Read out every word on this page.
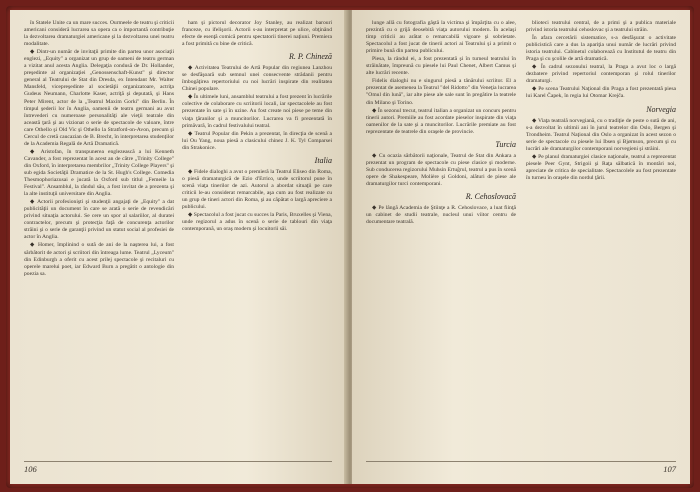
în Statele Unite ca un mare succes. Ourmeele de teatru şi criticii americani consideră lucrarea sa opera ca o importantă contribuţie la dezvoltarea dramaturgiei americane şi la dezvoltarea unei teatru modalitate.

◆ Dintr-un număr de invitaţii primite din partea unor asociaţii englezi, „Equity" a organizat un grup de oameni de teatru german a vizitat anul acesta Anglia. Delegaţia condusă de Dr. Hollander, preşedinte al organizaţiei „Genossenschaft-Kunst" şi director general al Teatrului de Stat din Dresda, ex Intendant Mr. Walter Mansfeld, vicepreşedinte al societăţii organizatoare, actriţa Gudeus Neumann, Charlotte Kaser, actriţă şi deputată, şi Hans Peter Mirent, actor de la „Teatrul Maxim Gorki" din Berlin. În timpul şederii lor în Anglia, oamenii de teatru germani au avut întrevederi cu numeroase personalităţi ale vieţii teatrale din această ţară şi au vizionat o serie de spectacole de valoare, între care Othello şi Old Vic şi Othello la Stratford-on-Avon, precum şi Cercul de cretă caucazian de B. Brecht, în interpretarea studenţilor de la Academia Regală de Artă Dramatică.

◆ Aristofan, în transpunerea englezească a lui Kenneth Cavander, a fost reprezentat în acest an de către „Trinity College" din Oxford, în interpretarea membrilor „Trinity College Players" şi sub egida Societăţii Dramatice de la St. Hugh's College. Comedia Thesmophoriazusai e jucată la Oxford sub titlul „Femeile la Festival". Ansamblul, la rândul său, a fost invitat de a prezenta şi la alte instituţii universitare din Anglia.

◆ Actorii profesionişti şi studenţii angajaţi de „Equity" a dat publicităţii un document în care se arată o serie de revendicări privind situaţia actorului. Se cere un spor al salariilor, al duratei contractelor, precum şi protecţia faţă de concurenţa actorilor străini şi o serie de garanţii privind un statut social al profesiei de actor în Anglia.

◆ Homer, împlinind o sută de ani de la naşterea lui, a fost sărbătorit de actori şi scriitori din întreaga lume. Teatrul „Lyceum" din Edinburgh a oferit cu acest prilej spectacole şi recitaluri cu operele marelui poet, iar Edward Burn a pregătit o antologie din poezia sa.

ham şi pictorul decorator Joy Stanley, au realizat barouri franceze, cu ifelişorii. Actorii s-au interpretat pe ulice, obţinând efecte de esenţă comică pentru spectatorii tinerei naţiuni. Premiera a fost primită cu bine de critică.

R. P. Chineză

◆ Activitatea Teatrului de Artă Popular din regiunea Lanzhou se desfăşoară sub semnul unei consecvente strădanii pentru îmbogăţirea repertoriului cu noi lucrări inspirate din realitatea Chinei populare.

◆ În ultimele luni, ansamblul teatrului a fost prezent în lucrările colective de colaborare cu scriitorii locali, iar spectacolele au fost prezentate în sate şi în uzine. Au fost create noi piese pe teme din viaţa ţăranilor şi a muncitorilor. Lucrarea va fi prezentată în primăvară, în cadrul festivalului teatral.

◆ Teatrul Popular din Pekin a prezentat, în direcţia de scenă a lui Ou Yang, noua piesă a clasicului chinez J. K. Tyl Comparsei din Strakonice.

Italia

◆ Fidele dialoghi a avut o premieră la Teatrul Eliseo din Roma, o piesă dramaturgică de Ezio d'Errico, unde scriitorul pune în scenă viaţa tinerilor de azi. Autorul a abordat situaţii pe care criticii le-au considerat remarcabile, aşa cum au fost realizate cu un grup de tineri actori din Roma, şi au căpătat o largă apreciere a publicului.

◆ Spectacolul a fost jucat cu succes la Paris, Bruxelles şi Viena, unde regizorul a adus în scenă o serie de tablouri din viaţa contemporană, un oraş modern şi locuitorii săi.

106

lunge allă cu fotografia gâştă la victima şi împărţita cu o alee, prezintă cu o grijă deosebită viaţa autorului modern. În acelaşi timp criticii au arătat o remarcabilă vigoare şi sobrietate. Spectacolul a fost jucat de tinerii actori ai Teatrului şi a primit o primire bună din partea publicului.

Piesa, la rândul ei, a fost prezentată şi în turneul teatrului în străinătate, împreună cu piesele lui Paul Chenet, Albert Camus şi alte lucrări recente.

Fidelis dialoghi nu e singurul piesă a tânărului scriitor. El a prezentat de asemenea la Teatrul "del Ridotto" din Veneţia lucrarea "Omul din lună", iar alte piese ale sale sunt în pregătire la teatrele din Milano şi Torino.

◆ În sezonul trecut, teatrul italian a organizat un concurs pentru tinerii autori. Premiile au fost acordate pieselor inspirate din viaţa oamenilor de la sate şi a muncitorilor. Lucrările premiate au fost reprezentate de teatrele din oraşele de provincie.

Turcia

◆ Cu ocazia sărbătorii naţionale, Teatrul de Stat din Ankara a prezentat un program de spectacole cu piese clasice şi moderne. Sub conducerea regizorului Muhsin Ertuğrul, teatrul a pus în scenă opere de Shakespeare, Molière şi Goldoni, alături de piese ale dramaturgilor turci contemporani.

R. Cehoslovacă

◆ Pe lângă Academia de Ştiinţe a R. Cehoslovace, a luat fiinţă un cabinet de studii teatrale, nucleul unui viitor centru de documentare teatrală.

blioteci teatrului central, de a primi şi a publica materiale privind istoria teatrului cehoslovac şi a teatrului străin.

În afara cercetării sistematice, s-a desfăşurat o activitate publicistică care a dus la apariţia unui număr de lucrări privind istoria teatrului. Cabinetul colaborează cu Institutul de teatru din Praga şi cu şcolile de artă dramatică.

◆ În cadrul sezonului teatral, la Praga a avut loc o largă dezbatere privind repertoriul contemporan şi rolul tinerilor dramaturgi.

◆ Pe scena Teatrului Naţional din Praga a fost prezentată piesa lui Karel Čapek, în regia lui Otomar Krejča.

Norvegia

◆ Viaţa teatrală norvegiană, cu o tradiţie de peste o sută de ani, s-a dezvoltat în ultimii ani în jurul teatrelor din Oslo, Bergen şi Trondheim. Teatrul Naţional din Oslo a organizat în acest sezon o serie de spectacole cu piesele lui Ibsen şi Bjørnson, precum şi cu lucrări ale dramaturgilor contemporani norvegieni şi străini.

◆ Pe planul dramaturgiei clasice naţionale, teatrul a reprezentat piesele Peer Gynt, Strigoii şi Raţa sălbatică în montări noi, apreciate de critica de specialitate. Spectacolele au fost prezentate în turneu în oraşele din nordul ţării.

107
